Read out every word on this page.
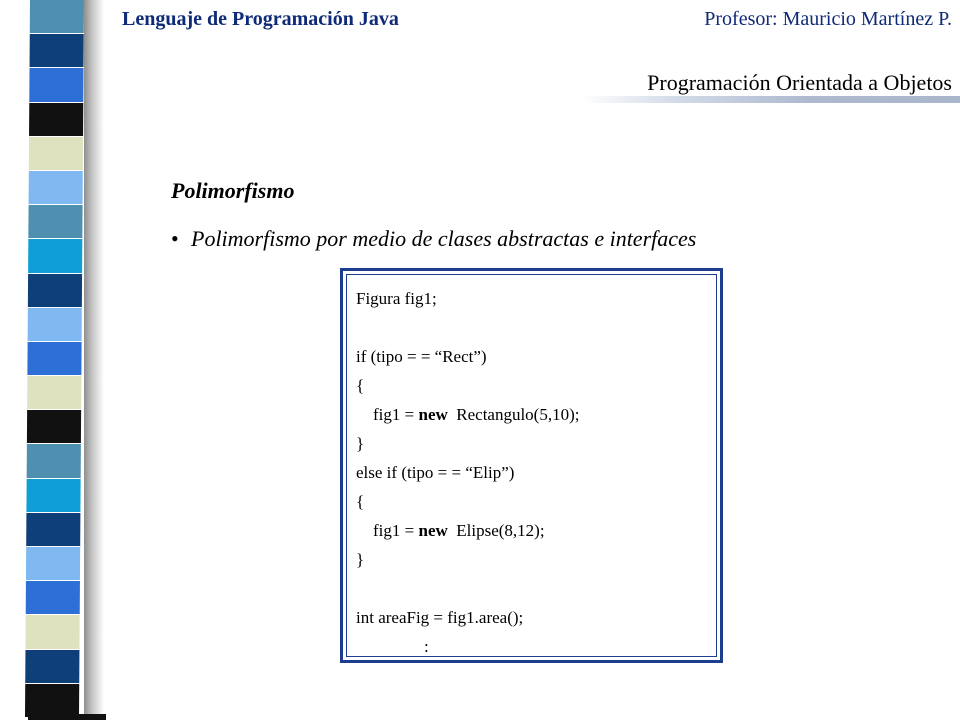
Lenguaje de Programación Java	Profesor: Mauricio Martínez P.
Programación Orientada a Objetos
Polimorfismo
• Polimorfismo por medio de clases abstractas e interfaces
Figura fig1;
if (tipo = = “Rect”)
{
fig1 = new  Rectangulo(5,10);
}
else if (tipo = = “Elip”)
{
fig1 = new  Elipse(8,12);
}
int areaFig = fig1.area();
:
